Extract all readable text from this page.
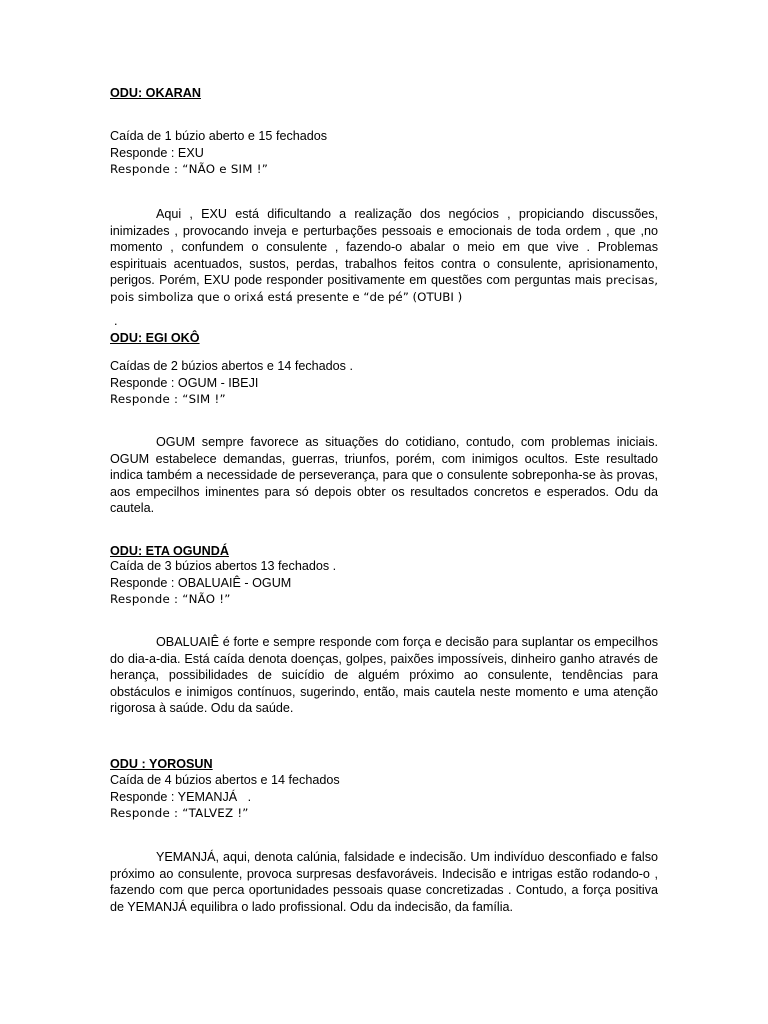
ODU: OKARAN

Caída de 1 búzio aberto e 15 fechados

Responde : EXU

Responde : “NÃO e SIM !”

Aqui , EXU está dificultando a realização dos negócios , propiciando discussões, inimizades , provocando inveja e perturbações pessoais e emocionais de toda ordem , que ,no momento , confundem o consulente , fazendo-o abalar o meio em que vive . Problemas espirituais acentuados, sustos, perdas, trabalhos feitos contra o consulente, aprisionamento, perigos. Porém, EXU pode responder positivamente em questões com perguntas mais precisas, pois simboliza que o orixá está presente e “de pé” (OTUBI )

.

ODU: EGI OKÔ

Caídas de 2 búzios abertos e 14 fechados .

Responde : OGUM - IBEJI

Responde : “SIM !”

OGUM sempre favorece as situações do cotidiano, contudo, com problemas iniciais. OGUM estabelece demandas, guerras, triunfos, porém, com inimigos ocultos. Este resultado indica também a necessidade de perseverança, para que o consulente sobreponha-se às provas, aos empecilhos iminentes para só depois obter os resultados concretos e esperados. Odu da cautela.

ODU: ETA OGUNDÁ

Caída de 3 búzios abertos 13 fechados .

Responde : OBALUAIÊ - OGUM

Responde : “NÃO !”

OBALUAIÊ é forte e sempre responde com força e decisão para suplantar os empecilhos do dia-a-dia. Está caída denota doenças, golpes, paixões impossíveis, dinheiro ganho através de herança, possibilidades de suicídio de alguém próximo ao consulente, tendências para obstáculos e inimigos contínuos, sugerindo, então, mais cautela neste momento e uma atenção rigorosa à saúde. Odu da saúde.

ODU : YOROSUN

Caída de 4 búzios abertos e 14 fechados

Responde : YEMANJÁ   .

Responde : “TALVEZ !”

YEMANJÁ, aqui, denota calúnia, falsidade e indecisão. Um indivíduo desconfiado e falso próximo ao consulente, provoca surpresas desfavoráveis. Indecisão e intrigas estão rodando-o , fazendo com que perca oportunidades pessoais quase concretizadas . Contudo, a força positiva de YEMANJÁ equilibra o lado profissional. Odu da indecisão, da família.
